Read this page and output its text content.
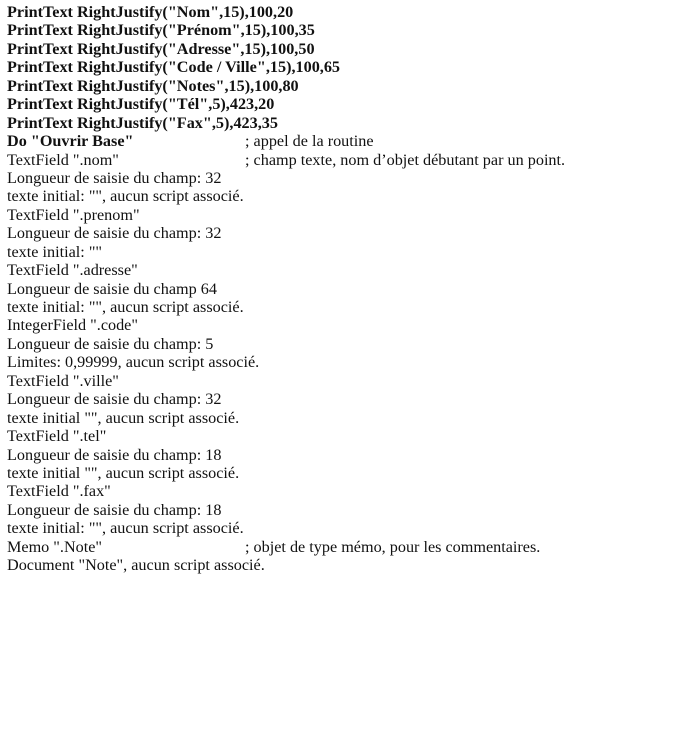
PrintText RightJustify("Nom",15),100,20
PrintText RightJustify("Prénom",15),100,35
PrintText RightJustify("Adresse",15),100,50
PrintText RightJustify("Code / Ville",15),100,65
PrintText RightJustify("Notes",15),100,80
PrintText RightJustify("Tél",5),423,20
PrintText RightJustify("Fax",5),423,35
Do "Ouvrir Base"	; appel de la routine
TextField ".nom"	; champ texte, nom d’objet débutant par un point.
Longueur de saisie du champ: 32
texte initial: "", aucun script associé.
TextField ".prenom"
Longueur de saisie du champ: 32
texte initial: ""
TextField ".adresse"
Longueur de saisie du champ 64
texte initial: "", aucun script associé.
IntegerField ".code"
Longueur de saisie du champ: 5
Limites: 0,99999, aucun script associé.
TextField ".ville"
Longueur de saisie du champ: 32
texte initial "", aucun script associé.
TextField ".tel"
Longueur de saisie du champ: 18
texte initial "", aucun script associé.
TextField ".fax"
Longueur de saisie du champ: 18
texte initial: "", aucun script associé.
Memo ".Note"	; objet de type mémo, pour les commentaires.
Document "Note", aucun script associé.
